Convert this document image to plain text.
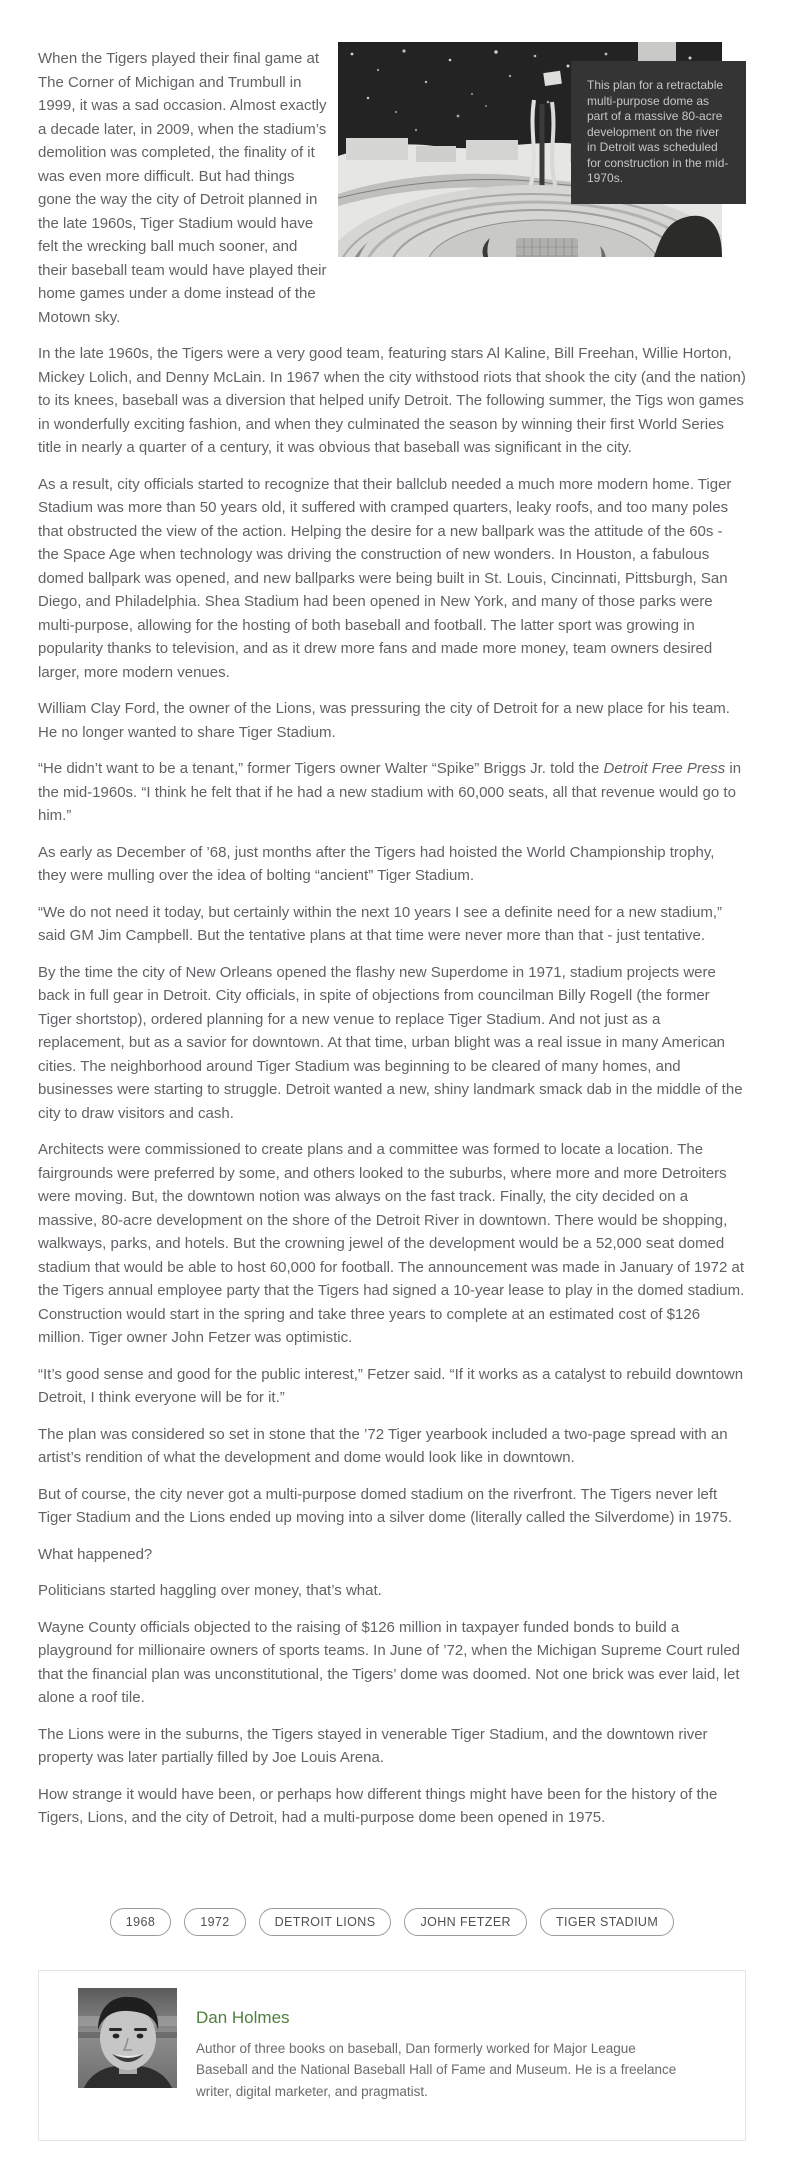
This plan for a retractable multi-purpose dome as part of a massive 80-acre development on the river in Detroit was scheduled for construction in the mid-1970s.

When the Tigers played their final game at The Corner of Michigan and Trumbull in 1999, it was a sad occasion. Almost exactly a decade later, in 2009, when the stadium’s demolition was completed, the finality of it was even more difficult. But had things gone the way the city of Detroit planned in the late 1960s, Tiger Stadium would have felt the wrecking ball much sooner, and their baseball team would have played their home games under a dome instead of the Motown sky.

In the late 1960s, the Tigers were a very good team, featuring stars Al Kaline, Bill Freehan, Willie Horton, Mickey Lolich, and Denny McLain. In 1967 when the city withstood riots that shook the city (and the nation) to its knees, baseball was a diversion that helped unify Detroit. The following summer, the Tigs won games in wonderfully exciting fashion, and when they culminated the season by winning their first World Series title in nearly a quarter of a century, it was obvious that baseball was significant in the city.

As a result, city officials started to recognize that their ballclub needed a much more modern home. Tiger Stadium was more than 50 years old, it suffered with cramped quarters, leaky roofs, and too many poles that obstructed the view of the action. Helping the desire for a new ballpark was the attitude of the 60s - the Space Age when technology was driving the construction of new wonders. In Houston, a fabulous domed ballpark was opened, and new ballparks were being built in St. Louis, Cincinnati, Pittsburgh, San Diego, and Philadelphia. Shea Stadium had been opened in New York, and many of those parks were multi-purpose, allowing for the hosting of both baseball and football. The latter sport was growing in popularity thanks to television, and as it drew more fans and made more money, team owners desired larger, more modern venues.

William Clay Ford, the owner of the Lions, was pressuring the city of Detroit for a new place for his team. He no longer wanted to share Tiger Stadium.

“He didn’t want to be a tenant,” former Tigers owner Walter “Spike” Briggs Jr. told the Detroit Free Press in the mid-1960s. “I think he felt that if he had a new stadium with 60,000 seats, all that revenue would go to him.”

As early as December of ’68, just months after the Tigers had hoisted the World Championship trophy, they were mulling over the idea of bolting “ancient” Tiger Stadium.

“We do not need it today, but certainly within the next 10 years I see a definite need for a new stadium,” said GM Jim Campbell. But the tentative plans at that time were never more than that - just tentative.

By the time the city of New Orleans opened the flashy new Superdome in 1971, stadium projects were back in full gear in Detroit. City officials, in spite of objections from councilman Billy Rogell (the former Tiger shortstop), ordered planning for a new venue to replace Tiger Stadium. And not just as a replacement, but as a savior for downtown. At that time, urban blight was a real issue in many American cities. The neighborhood around Tiger Stadium was beginning to be cleared of many homes, and businesses were starting to struggle. Detroit wanted a new, shiny landmark smack dab in the middle of the city to draw visitors and cash.

Architects were commissioned to create plans and a committee was formed to locate a location. The fairgrounds were preferred by some, and others looked to the suburbs, where more and more Detroiters were moving. But, the downtown notion was always on the fast track. Finally, the city decided on a massive, 80-acre development on the shore of the Detroit River in downtown. There would be shopping, walkways, parks, and hotels. But the crowning jewel of the development would be a 52,000 seat domed stadium that would be able to host 60,000 for football. The announcement was made in January of 1972 at the Tigers annual employee party that the Tigers had signed a 10-year lease to play in the domed stadium. Construction would start in the spring and take three years to complete at an estimated cost of $126 million. Tiger owner John Fetzer was optimistic.

“It’s good sense and good for the public interest,” Fetzer said. “If it works as a catalyst to rebuild downtown Detroit, I think everyone will be for it.”

The plan was considered so set in stone that the ’72 Tiger yearbook included a two-page spread with an artist’s rendition of what the development and dome would look like in downtown.

But of course, the city never got a multi-purpose domed stadium on the riverfront. The Tigers never left Tiger Stadium and the Lions ended up moving into a silver dome (literally called the Silverdome) in 1975.

What happened?

Politicians started haggling over money, that’s what.

Wayne County officials objected to the raising of $126 million in taxpayer funded bonds to build a playground for millionaire owners of sports teams. In June of ’72, when the Michigan Supreme Court ruled that the financial plan was unconstitutional, the Tigers’ dome was doomed. Not one brick was ever laid, let alone a roof tile.

The Lions were in the suburns, the Tigers stayed in venerable Tiger Stadium, and the downtown river property was later partially filled by Joe Louis Arena.

How strange it would have been, or perhaps how different things might have been for the history of the Tigers, Lions, and the city of Detroit, had a multi-purpose dome been opened in 1975.

1968	1972	DETROIT LIONS	JOHN FETZER	TIGER STADIUM
Dan Holmes

Author of three books on baseball, Dan formerly worked for Major League Baseball and the National Baseball Hall of Fame and Museum. He is a freelance writer, digital marketer, and pragmatist.
